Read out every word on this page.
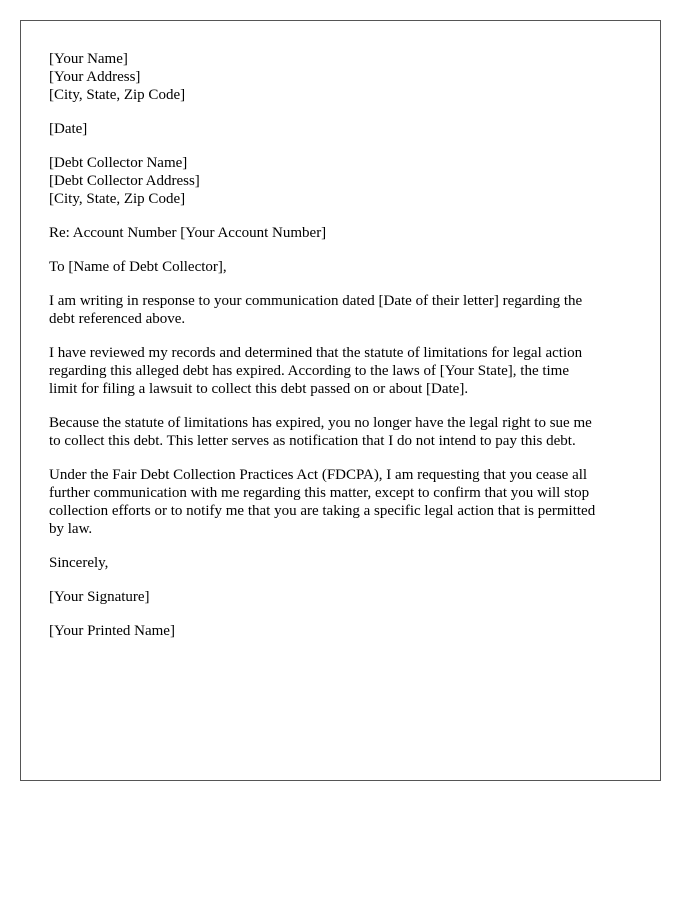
[Your Name]
[Your Address]
[City, State, Zip Code]
[Date]
[Debt Collector Name]
[Debt Collector Address]
[City, State, Zip Code]
Re: Account Number [Your Account Number]
To [Name of Debt Collector],
I am writing in response to your communication dated [Date of their letter] regarding the
debt referenced above.
I have reviewed my records and determined that the statute of limitations for legal action
regarding this alleged debt has expired. According to the laws of [Your State], the time
limit for filing a lawsuit to collect this debt passed on or about [Date].
Because the statute of limitations has expired, you no longer have the legal right to sue me
to collect this debt. This letter serves as notification that I do not intend to pay this debt.
Under the Fair Debt Collection Practices Act (FDCPA), I am requesting that you cease all
further communication with me regarding this matter, except to confirm that you will stop
collection efforts or to notify me that you are taking a specific legal action that is permitted
by law.
Sincerely,
[Your Signature]
[Your Printed Name]
